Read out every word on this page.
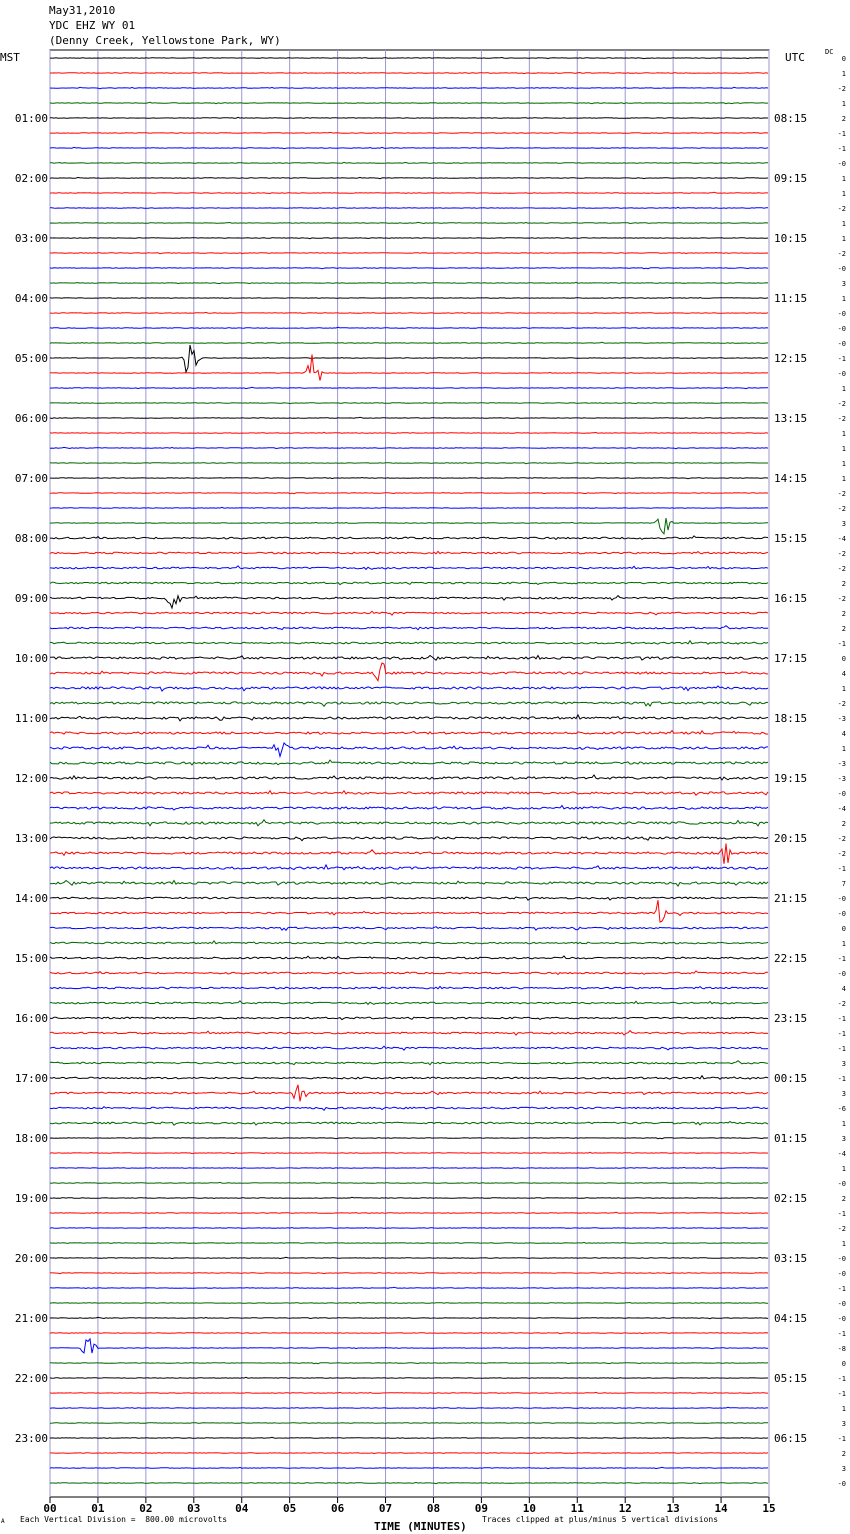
May31,2010
YDC EHZ WY 01
(Denny Creek, Yellowstone Park, WY)
MST	UTC	DC
00	01	02	03	04	05	06	07	08	09	10	11	12	13	14	15
0
1
-2
1
2
01:00	08:15
-1
-1
-0
1
02:00	09:15
1
-2
1
1
03:00	10:15
-2
-0
3
1
04:00	11:15
-0
-0
-0
-1
05:00	12:15
-0
1
-2
-2
06:00	13:15
1
1
1
1
07:00	14:15
-2
-2
3
-4
08:00	15:15
-2
-2
2
-2
09:00	16:15
2
2
-1
0
10:00	17:15
4
1
-2
-3
11:00	18:15
4
1
-3
-3
12:00	19:15
-0
-4
2
-2
13:00	20:15
-2
-1
7
-0
14:00	21:15
-0
0
1
-1
15:00	22:15
-0
4
-2
-1
16:00	23:15
-1
-1
3
-1
17:00	00:15
3
-6
1
3
18:00	01:15
-4
1
-0
2
19:00	02:15
-1
-2
1
-0
20:00	03:15
-0
-1
-0
-0
21:00	04:15
-1
-8
0
-1
22:00	05:15
-1
1
3
-1
23:00	06:15
2
3
-0
A Each Vertical Division =  800.00 microvolts
TIME (MINUTES)
Traces clipped at plus/minus 5 vertical divisions
